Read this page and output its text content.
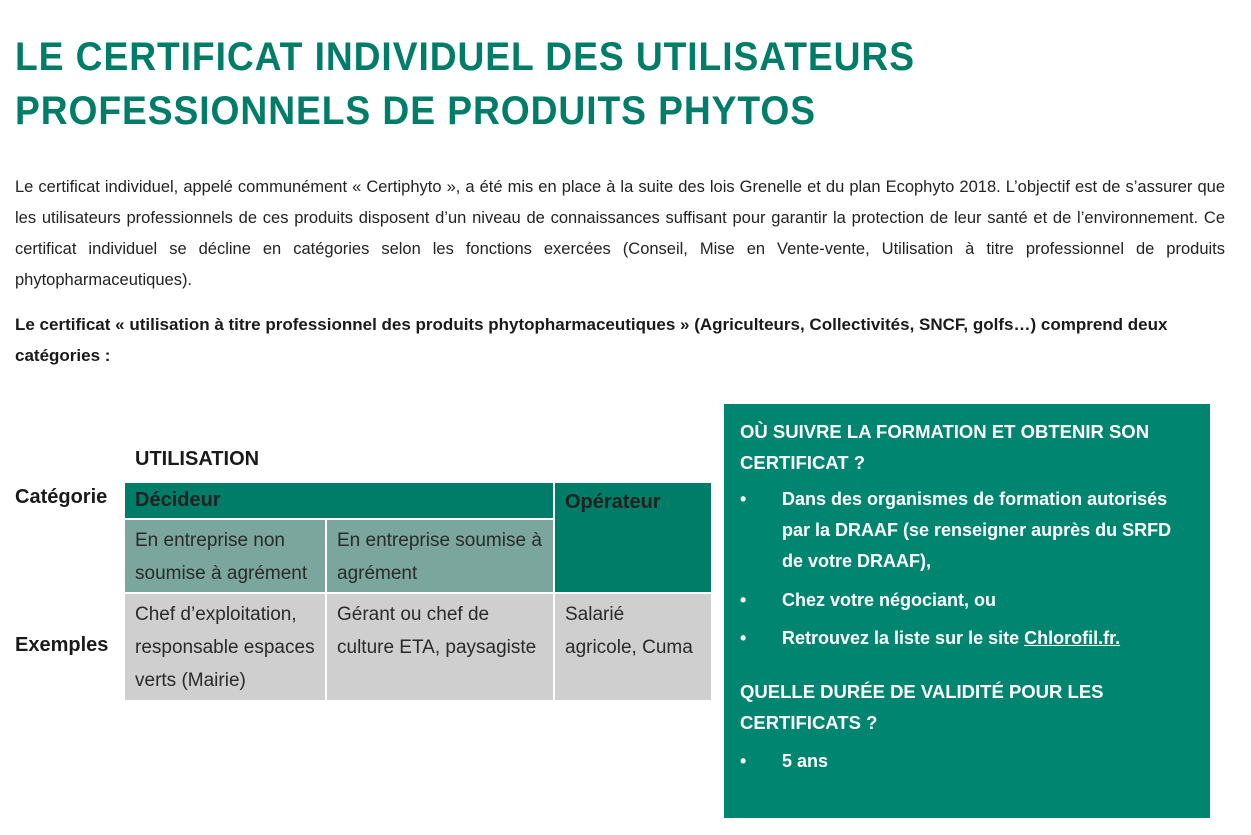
LE CERTIFICAT INDIVIDUEL DES UTILISATEURS PROFESSIONNELS DE PRODUITS PHYTOS

Le certificat individuel, appelé communément « Certiphyto », a été mis en place à la suite des lois Grenelle et du plan Ecophyto 2018. L’objectif est de s’assurer que les utilisateurs professionnels de ces produits disposent d’un niveau de connaissances suffisant pour garantir la protection de leur santé et de l’environnement. Ce certificat individuel se décline en catégories selon les fonctions exercées (Conseil, Mise en Vente-vente, Utilisation à titre professionnel de produits phytopharmaceutiques).

Le certificat « utilisation à titre professionnel des produits phytopharmaceutiques » (Agriculteurs, Collectivités, SNCF, golfs…) comprend deux catégories :

UTILISATION
Catégorie
Exemples
Décideur	Opérateur
En entreprise non soumise à agrément
En entreprise soumise à agrément
Chef d’exploitation, responsable espaces verts (Mairie)
Gérant ou chef de culture ETA, paysagiste
Salarié agricole, Cuma
OÙ SUIVRE LA FORMATION ET OBTENIR SON CERTIFICAT ?
• Dans des organismes de formation autorisés par la DRAAF (se renseigner auprès du SRFD de votre DRAAF),
• Chez votre négociant, ou
• Retrouvez la liste sur le site Chlorofil.fr.
QUELLE DURÉE DE VALIDITÉ POUR LES CERTIFICATS ?
• 5 ans
